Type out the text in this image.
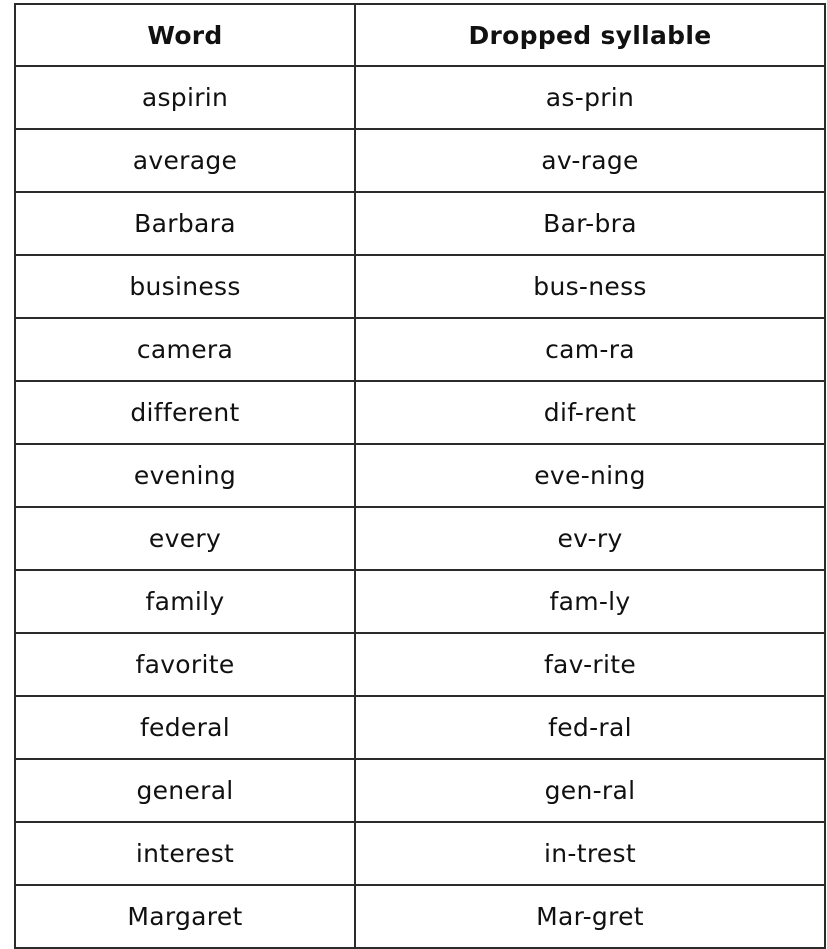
Word	Dropped syllable
aspirin	as-prin
average	av-rage
Barbara	Bar-bra
business	bus-ness
camera	cam-ra
different	dif-rent
evening	eve-ning
every	ev-ry
family	fam-ly
favorite	fav-rite
federal	fed-ral
general	gen-ral
interest	in-trest
Margaret	Mar-gret
